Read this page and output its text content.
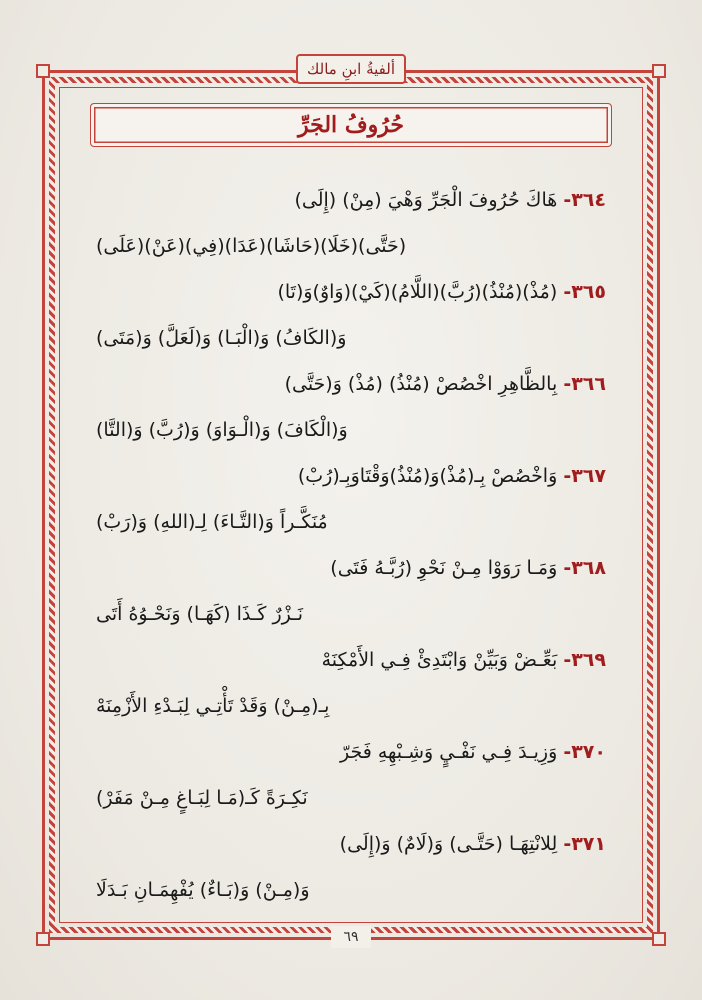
ألفيةُ ابنِ مالك
حُرُوفُ الجَرِّ
٣٦٤- هَاكَ حُرُوفَ الْجَرِّ وَهْيَ (مِنْ) (إِلَى)
(حَتَّى)(خَلَا)(حَاشَا)(عَدَا)(فِي)(عَنْ)(عَلَى)
٣٦٥- (مُذْ)(مُنْذُ)(رُبَّ)(اللَّامُ)(كَيْ)(وَاوٌ)وَ(تَا)
وَ(الكَافُ) وَ(الْبَـا) وَ(لَعَلَّ) وَ(مَتَى)
٣٦٦- بِالظَّاهِرِ اخْصُصْ (مُنْذُ) (مُذْ) وَ(حَتَّى)
وَ(الْكَافَ) وَ(الْـوَاوَ) وَ(رُبَّ) وَ(التَّا)
٣٦٧- وَاخْصُصْ بِـ(مُذْ)وَ(مُنْذُ)وَقْتَاوَبِـ(رُبْ)
مُنَكَّـراً وَ(التَّـاءَ) لِـ(اللهِ) وَ(رَبْ)
٣٦٨- وَمَـا رَوَوْا مِـنْ نَحْوِ (رُبَّـهُ فَتَى)
نَـزْرٌ كَـذَا (كَهَـا) وَنَحْـوُهُ أَتَى
٣٦٩- بَعِّـضْ وَبَيِّنْ وَابْتَدِئْ فِـي الأَمْكِنَهْ
بِـ(مِـنْ) وَقَدْ تَأْتِـي لِبَـدْءِ الأَزْمِنَهْ
٣٧٠- وَزِيـدَ فِـي نَفْـيٍ وَشِـبْهِهِ فَجَرّ
نَكِـرَةً كَـ(مَـا لِبَـاغٍ مِـنْ مَفَرْ)
٣٧١- لِلانْتِهَـا (حَتَّـى) وَ(لَامٌ) وَ(إِلَى)
وَ(مِـنْ) وَ(بَـاءٌ) يُفْهِمَـانِ بَـدَلَا
٦٩
